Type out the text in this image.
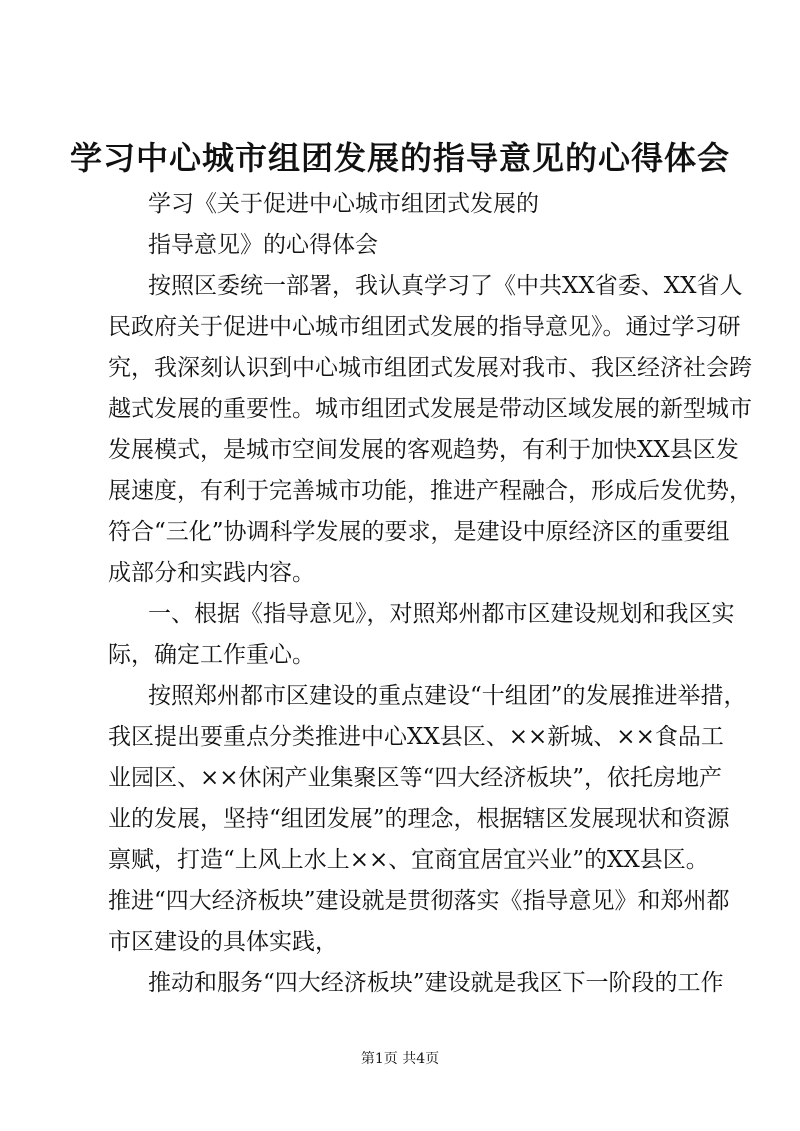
学习中心城市组团发展的指导意见的心得体会
学习《关于促进中心城市组团式发展的
指导意见》的心得体会
按照区委统一部署，我认真学习了《中共XX省委、XX省人
民政府关于促进中心城市组团式发展的指导意见》。通过学习研
究，我深刻认识到中心城市组团式发展对我市、我区经济社会跨
越式发展的重要性。城市组团式发展是带动区域发展的新型城市
发展模式，是城市空间发展的客观趋势，有利于加快XX县区发
展速度，有利于完善城市功能，推进产程融合，形成后发优势，
符合“三化”协调科学发展的要求，是建设中原经济区的重要组
成部分和实践内容。
一、根据《指导意见》，对照郑州都市区建设规划和我区实
际，确定工作重心。
按照郑州都市区建设的重点建设“十组团”的发展推进举措，
我区提出要重点分类推进中心XX县区、××新城、××食品工
业园区、××休闲产业集聚区等“四大经济板块”，依托房地产
业的发展，坚持“组团发展”的理念，根据辖区发展现状和资源
禀赋，打造“上风上水上××、宜商宜居宜兴业”的XX县区。
推进“四大经济板块”建设就是贯彻落实《指导意见》和郑州都
市区建设的具体实践，
推动和服务“四大经济板块”建设就是我区下一阶段的工作
第1页 共4页
